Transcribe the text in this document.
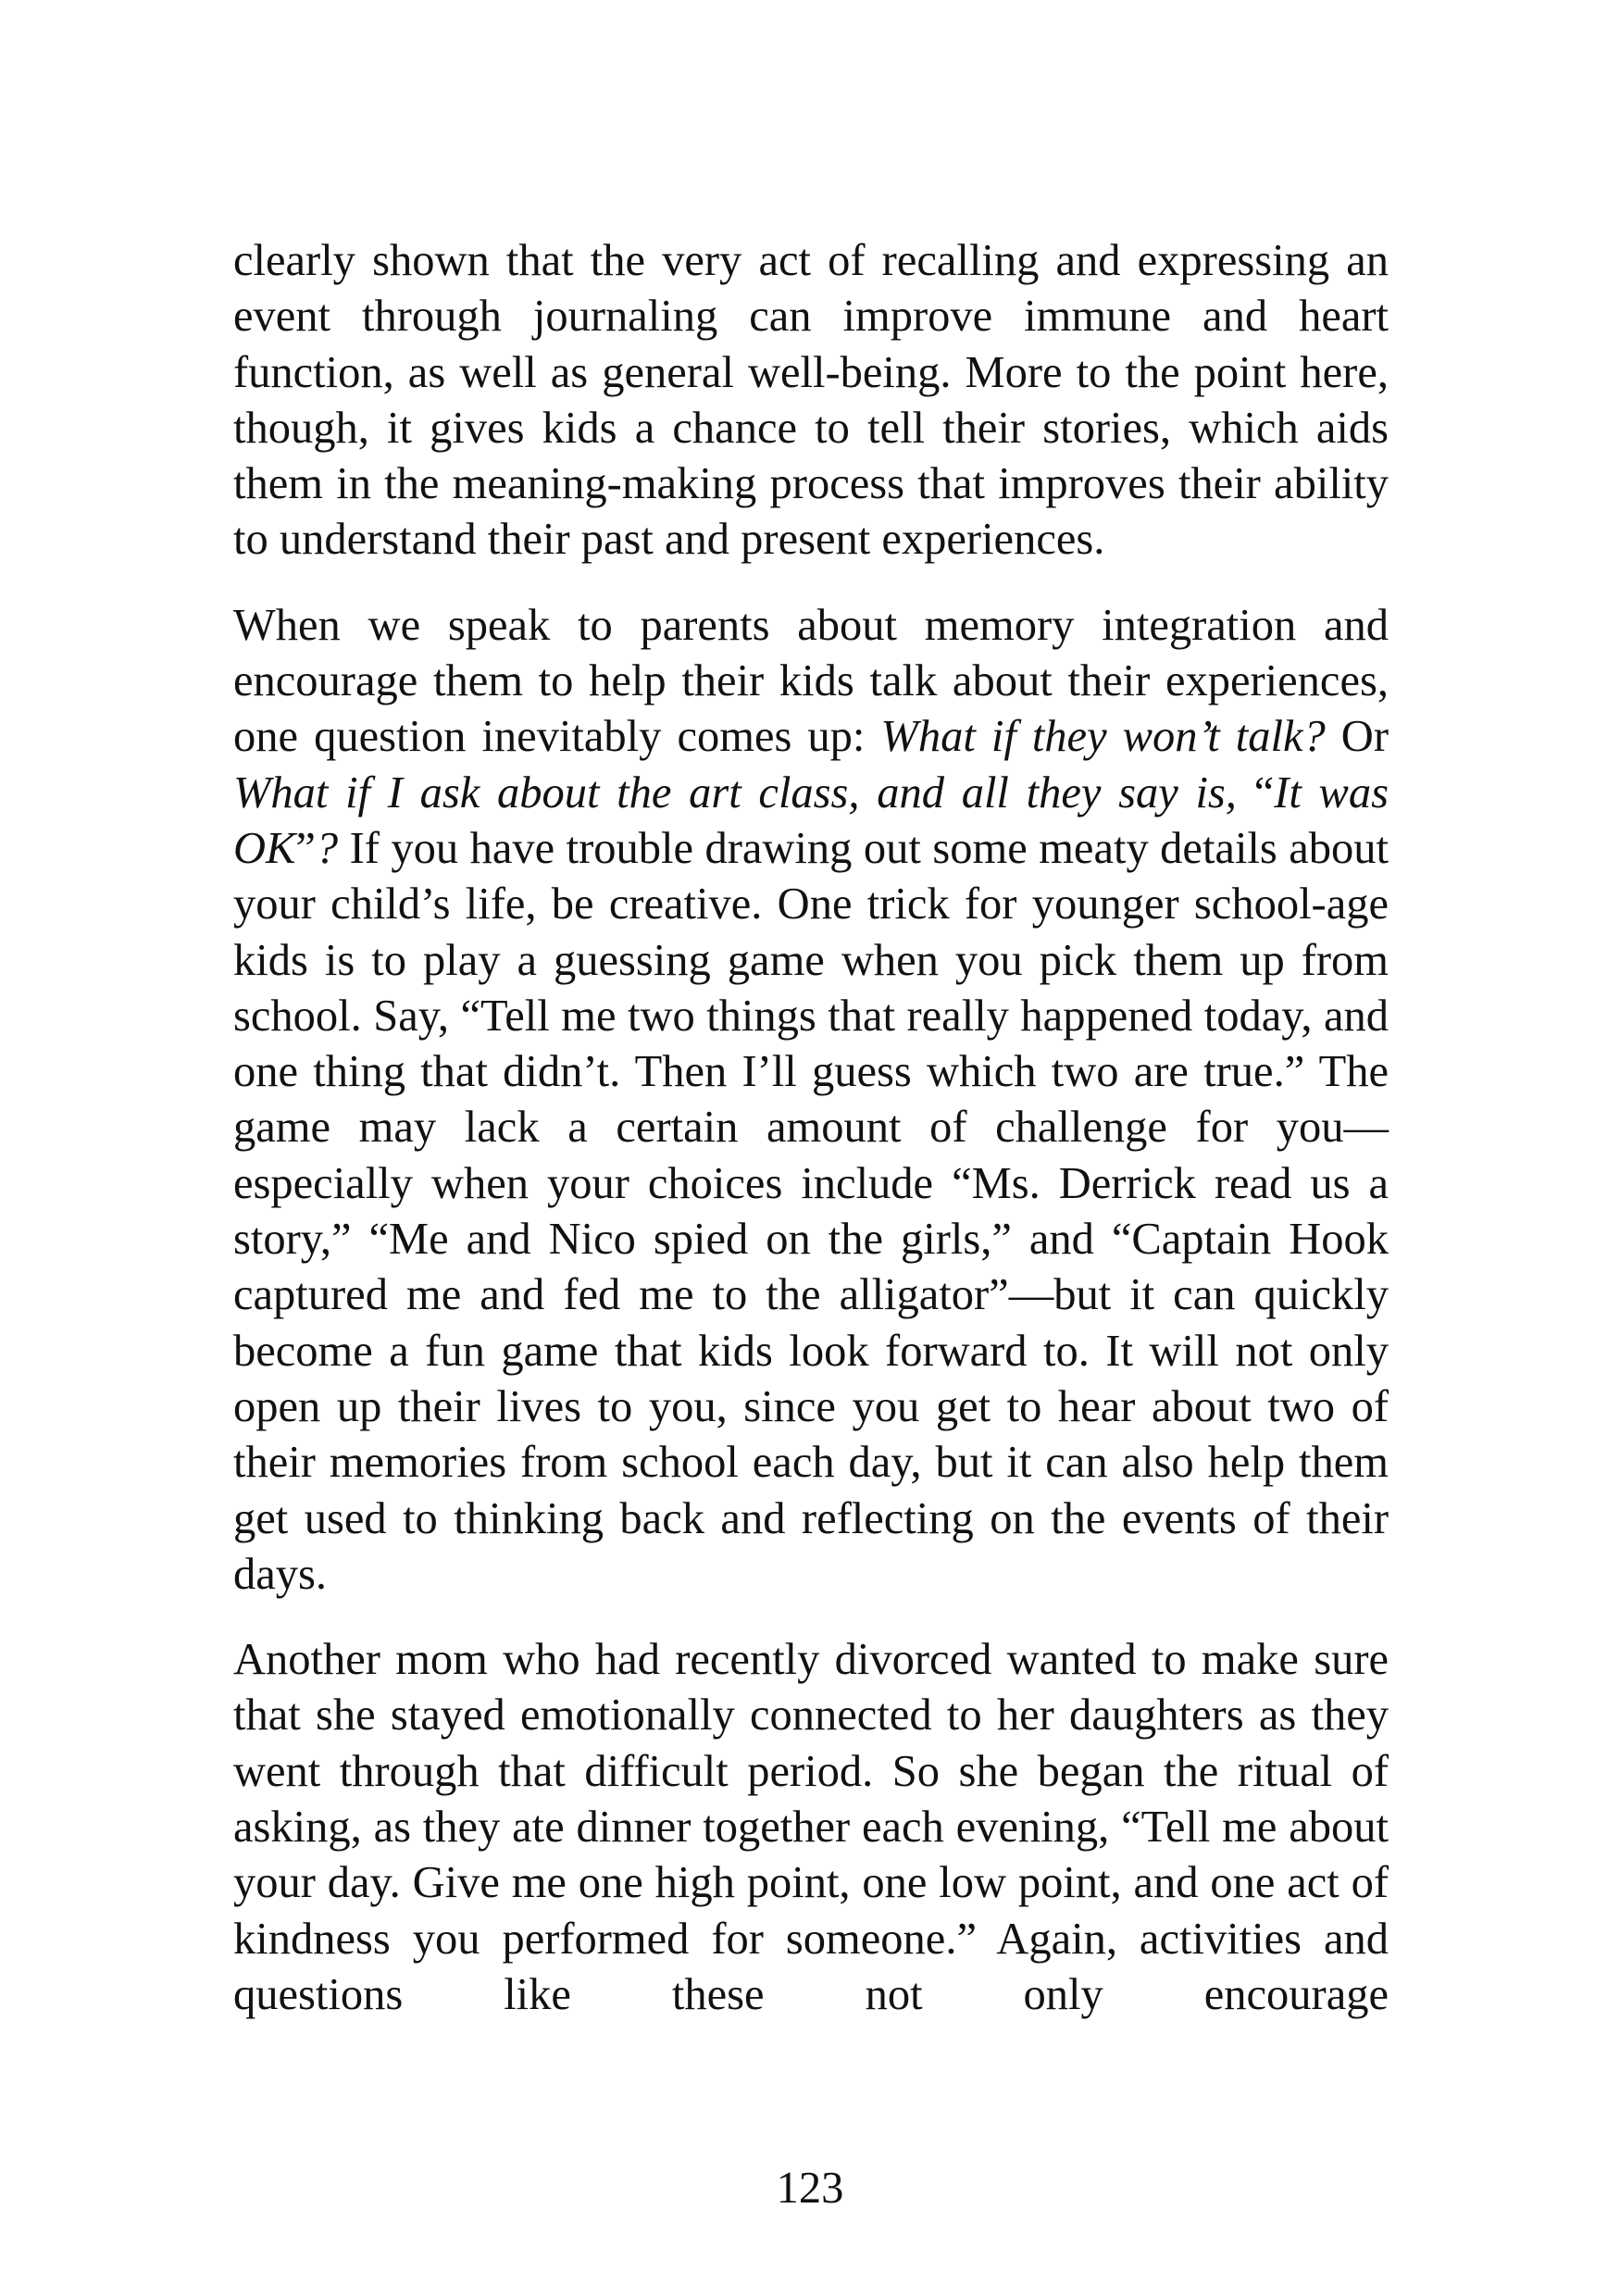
clearly shown that the very act of recalling and expressing an event through journaling can improve immune and heart function, as well as general well-being. More to the point here, though, it gives kids a chance to tell their stories, which aids them in the meaning-making process that improves their ability to understand their past and present experiences.

When we speak to parents about memory integration and encourage them to help their kids talk about their experiences, one question inevitably comes up: What if they won’t talk? Or What if I ask about the art class, and all they say is, “It was OK”? If you have trouble drawing out some meaty details about your child’s life, be creative. One trick for younger school-age kids is to play a guessing game when you pick them up from school. Say, “Tell me two things that really happened today, and one thing that didn’t. Then I’ll guess which two are true.” The game may lack a certain amount of challenge for you—especially when your choices include “Ms. Derrick read us a story,” “Me and Nico spied on the girls,” and “Captain Hook captured me and fed me to the alligator”—but it can quickly become a fun game that kids look forward to. It will not only open up their lives to you, since you get to hear about two of their memories from school each day, but it can also help them get used to thinking back and reflecting on the events of their days.

Another mom who had recently divorced wanted to make sure that she stayed emotionally connected to her daughters as they went through that difficult period. So she began the ritual of asking, as they ate dinner together each evening, “Tell me about your day. Give me one high point, one low point, and one act of kindness you performed for someone.” Again, activities and questions like these not only encourage

123
